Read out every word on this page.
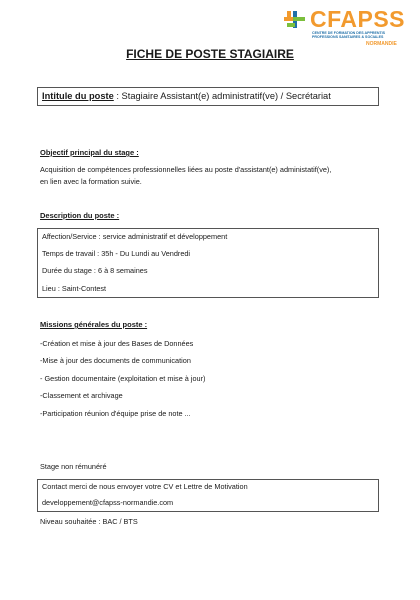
CFAPSS
CENTRE DE FORMATION DES APPRENTIS
PROFESSIONS SANITAIRES & SOCIALES
NORMANDIE
FICHE DE POSTE STAGIAIRE
Intitule du poste : Stagiaire Assistant(e) administratif(ve) / Secrétariat
Objectif principal du stage :
Acquisition de compétences professionnelles liées au poste d'assistant(e) administatif(ve),
en lien avec la formation suivie.
Description du poste :
Affection/Service : service administratif et développement
Temps de travail : 35h - Du Lundi au Vendredi
Durée du stage : 6 à 8 semaines
Lieu : Saint-Contest
Missions générales du poste :
-Création et mise à jour des Bases de Données
-Mise à jour des documents de communication
- Gestion documentaire (exploitation et mise à jour)
-Classement et archivage
-Participation réunion d'équipe prise de note ...
Stage non rémunéré
Contact merci de nous envoyer votre CV et Lettre de Motivation
developpement@cfapss-normandie.com
Niveau souhaitée : BAC / BTS
